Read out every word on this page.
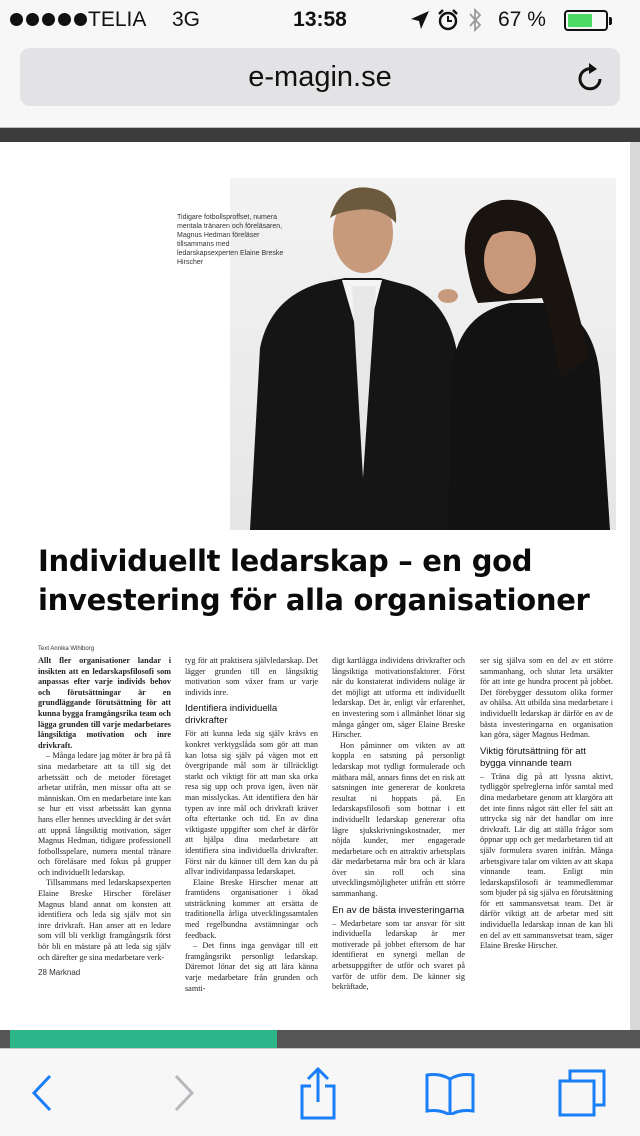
TELIA 3G	13:58	67 %
e-magin.se
Tidigare fotbollsproffset, numera mentala tränaren och föreläsaren, Magnus Hedman föreläser tillsammans med ledarskapsexperten Elaine Breske Hirscher
Individuellt ledarskap – en god investering för alla organisationer
Text Annika Wihlborg

Allt fler organisationer landar i insikten att en ledarskapsfilosofi som anpassas efter varje individs behov och förutsättningar är en grundläggande förutsättning för att kunna bygga framgångsrika team och lägga grunden till varje medarbetares långsiktiga motivation och inre drivkraft.

– Många ledare jag möter är bra på få sina medarbetare att ta till sig det arbetssätt och de metoder företaget arbetar utifrån, men missar ofta att se människan. Om en medarbetare inte kan se hur ett visst arbetssätt kan gynna hans eller hennes utveckling är det svårt att uppnå långsiktig motivation, säger Magnus Hedman, tidigare professionell fotbollsspelare, numera mental tränare och föreläsare med fokus på grupper och individuellt ledarskap.

Tillsammans med ledarskapsexperten Elaine Breske Hirscher föreläser Magnus bland annat om konsten att identifiera och leda sig själv mot sin inre drivkraft. Han anser att en ledare som vill bli verkligt framgångsrik först bör bli en mästare på att leda sig själv och därefter ge sina medarbetare verk-

tyg för att praktisera självledarskap. Det lägger grunden till en långsiktig motivation som växer fram ur varje individs inre.

Identifiera individuella drivkrafter

För att kunna leda sig själv krävs en konkret verktygslåda som gör att man kan lotsa sig själv på vägen mot ett övergripande mål som är tillräckligt starkt och viktigt för att man ska orka resa sig upp och prova igen, även när man misslyckas. Att identifiera den här typen av inre mål och drivkraft kräver ofta eftertanke och tid. En av dina viktigaste uppgifter som chef är därför att hjälpa dina medarbetare att identifiera sina individuella drivkrafter. Först när du känner till dem kan du på allvar individanpassa ledarskapet.

Elaine Breske Hirscher menar att framtidens organisationer i ökad utsträckning kommer att ersätta de traditionella årliga utvecklingssamtalen med regelbundna avstämningar och feedback.

– Det finns inga genvägar till ett framgångsrikt personligt ledarskap. Däremot lönar det sig att lära känna varje medarbetare från grunden och samti-

digt kartlägga individens drivkrafter och långsiktiga motivationsfaktorer. Först när du konstaterat individens nuläge är det möjligt att utforma ett individuellt ledarskap. Det är, enligt vår erfarenhet, en investering som i allmänhet lönar sig många gånger om, säger Elaine Breske Hirscher.

Hon påminner om vikten av att koppla en satsning på personligt ledarskap mot tydligt formulerade och mätbara mål, annars finns det en risk att satsningen inte genererar de konkreta resultat ni hoppats på. En ledarskapsfilosofi som bottnar i ett individuellt ledarskap genererar ofta lägre sjukskrivningskostnader, mer nöjda kunder, mer engagerade medarbetare och en attraktiv arbetsplats där medarbetarna mår bra och är klara över sin roll och sina utvecklingsmöjligheter utifrån ett större sammanhang.

En av de bästa investeringarna

– Medarbetare som tar ansvar för sitt individuella ledarskap är mer motiverade på jobbet eftersom de har identifierat en synergi mellan de arbetsuppgifter de utför och svaret på varför de utför dem. De känner sig bekräftade,

ser sig själva som en del av ett större sammanhang, och slutar leta ursäkter för att inte ge hundra procent på jobbet. Det förebygger dessutom olika former av ohälsa. Att utbilda sina medarbetare i individuellt ledarskap är därför en av de bästa investeringarna en organisation kan göra, säger Magnus Hedman.

Viktig förutsättning för att bygga vinnande team

– Träna dig på att lyssna aktivt, tydliggör spelreglerna inför samtal med dina medarbetare genom att klargöra att det inte finns något rätt eller fel sätt att uttrycka sig när det handlar om inre drivkraft. Lär dig att ställa frågor som öppnar upp och ger medarbetaren tid att själv formulera svaren inifrån. Många arbetsgivare talar om vikten av att skapa vinnande team. Enligt min ledarskapsfilosofi är teammedlemmar som bjuder på sig själva en förutsättning för ett sammansvetsat team. Det är därför viktigt att de arbetar med sitt individuella ledarskap innan de kan bli en del av ett sammansvetsat team, säger Elaine Breske Hirscher.

28 Marknad
